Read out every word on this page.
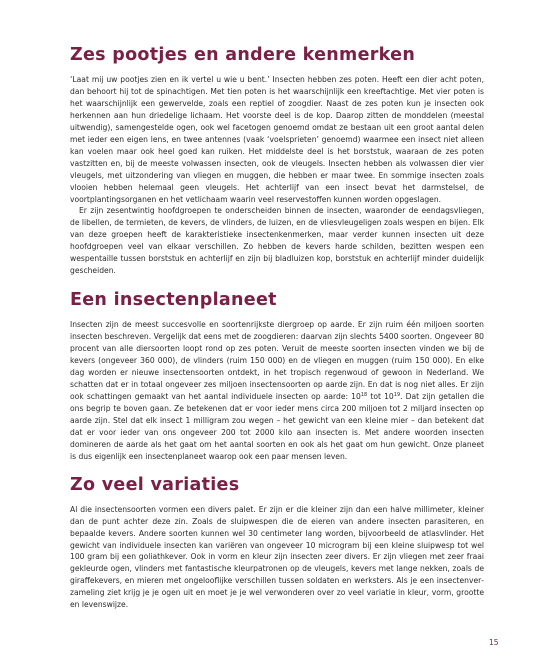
Zes pootjes en andere kenmerken

‘Laat mij uw pootjes zien en ik vertel u wie u bent.’ Insecten hebben zes poten. Heeft een dier acht poten, dan behoort hij tot de spinachtigen. Met tien poten is het waarschijnlijk een kreeftachtige. Met vier poten is het waarschijnlijk een gewervelde, zoals een reptiel of zoogdier. Naast de zes poten kun je insecten ook herkennen aan hun driedelige lichaam. Het voorste deel is de kop. Daarop zitten de monddelen (meestal uitwendig), samengestelde ogen, ook wel facetogen genoemd omdat ze bestaan uit een groot aantal delen met ieder een eigen lens, en twee antennes (vaak ‘voelsprieten’ genoemd) waarmee een insect niet alleen kan voelen maar ook heel goed kan ruiken. Het middelste deel is het borststuk, waaraan de zes poten vastzitten en, bij de meeste volwassen insecten, ook de vleugels. Insecten hebben als volwassen dier vier vleugels, met uitzondering van vliegen en muggen, die hebben er maar twee. En sommige insecten zoals vlooien hebben helemaal geen vleugels. Het achterlijf van een insect bevat het darmstelsel, de voortplantingsorganen en het vetlichaam waarin veel reservestoffen kunnen worden opgeslagen.

Er zijn zesentwintig hoofdgroepen te onderscheiden binnen de insecten, waaronder de eendagsvliegen, de libellen, de termieten, de kevers, de vlinders, de luizen, en de vliesvleugeligen zoals wespen en bijen. Elk van deze groepen heeft de karakteristieke insectenkenmerken, maar verder kunnen insecten uit deze hoofdgroepen veel van elkaar verschillen. Zo hebben de kevers harde schilden, bezitten wespen een wespentaille tussen borststuk en achterlijf en zijn bij bladluizen kop, borststuk en achterlijf minder duidelijk gescheiden.

Een insectenplaneet

Insecten zijn de meest succesvolle en soortenrijkste diergroep op aarde. Er zijn ruim één miljoen soorten insecten beschreven. Vergelijk dat eens met de zoogdieren: daarvan zijn slechts 5400 soorten. Ongeveer 80 procent van alle diersoorten loopt rond op zes poten. Veruit de meeste soorten insecten vinden we bij de kevers (ongeveer 360 000), de vlinders (ruim 150 000) en de vliegen en muggen (ruim 150 000). En elke dag worden er nieuwe insectensoorten ontdekt, in het tropisch regenwoud of gewoon in Nederland. We schatten dat er in totaal ongeveer zes miljoen insectensoorten op aarde zijn. En dat is nog niet alles. Er zijn ook schattingen gemaakt van het aantal individuele insecten op aarde: $10^{18}$ tot $10^{19}$. Dat zijn getallen die ons begrip te boven gaan. Ze betekenen dat er voor ieder mens circa 200 miljoen tot 2 miljard insecten op aarde zijn. Stel dat elk insect 1 milligram zou wegen – het gewicht van een kleine mier – dan betekent dat dat er voor ieder van ons ongeveer 200 tot 2000 kilo aan insecten is. Met andere woorden insecten domineren de aarde als het gaat om het aantal soorten en ook als het gaat om hun gewicht. Onze planeet is dus eigenlijk een insectenplaneet waarop ook een paar mensen leven.

Zo veel variaties

Al die insectensoorten vormen een divers palet. Er zijn er die kleiner zijn dan een halve millimeter, kleiner dan de punt achter deze zin. Zoals de sluipwespen die de eieren van andere insecten parasiteren, en bepaalde kevers. Andere soorten kunnen wel 30 centimeter lang worden, bijvoorbeeld de atlasvlinder. Het gewicht van individuele insecten kan variëren van ongeveer 10 microgram bij een kleine sluipwesp tot wel 100 gram bij een goliathkever. Ook in vorm en kleur zijn insecten zeer divers. Er zijn vliegen met zeer fraai gekleurde ogen, vlinders met fantastische kleurpatronen op de vleugels, kevers met lange nekken, zoals de giraffekevers, en mieren met ongelooflijke verschillen tussen soldaten en werksters. Als je een insectenverzameling ziet krijg je je ogen uit en moet je je wel verwonderen over zo veel variatie in kleur, vorm, grootte en levenswijze.

15
